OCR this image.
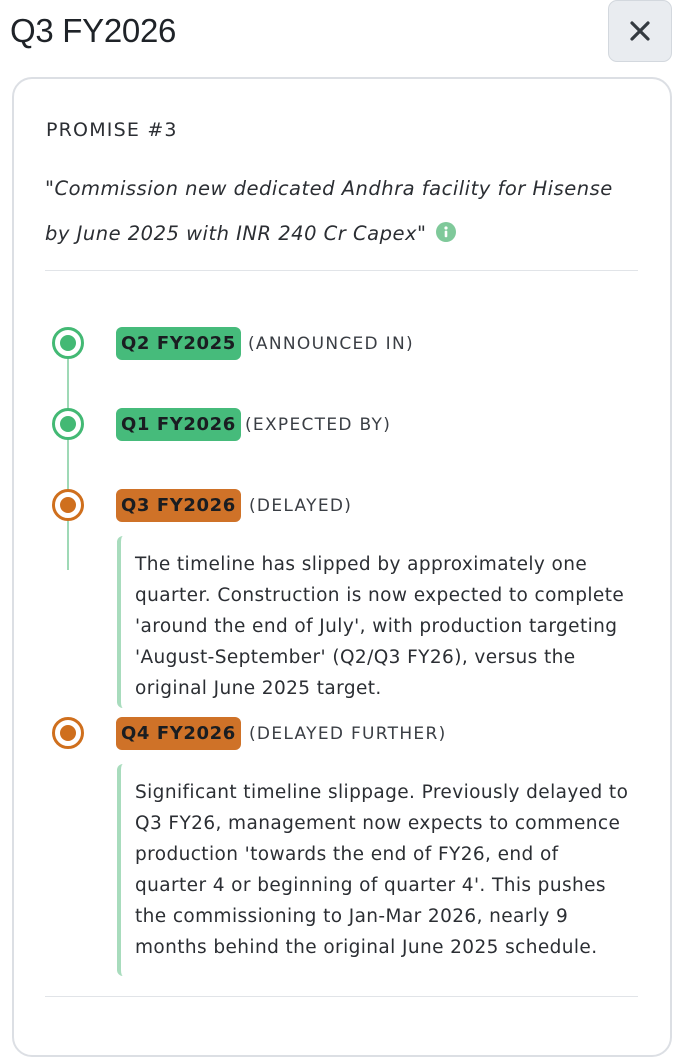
Q3 FY2026
PROMISE #3
"Commission new dedicated Andhra facility for Hisense
by June 2025 with INR 240 Cr Capex"
Q2 FY2025 (ANNOUNCED IN)
Q1 FY2026 (EXPECTED BY)
Q3 FY2026 (DELAYED)
The timeline has slipped by approximately one
quarter. Construction is now expected to complete
'around the end of July', with production targeting
'August-September' (Q2/Q3 FY26), versus the
original June 2025 target.
Q4 FY2026 (DELAYED FURTHER)
Significant timeline slippage. Previously delayed to
Q3 FY26, management now expects to commence
production 'towards the end of FY26, end of
quarter 4 or beginning of quarter 4'. This pushes
the commissioning to Jan-Mar 2026, nearly 9
months behind the original June 2025 schedule.
